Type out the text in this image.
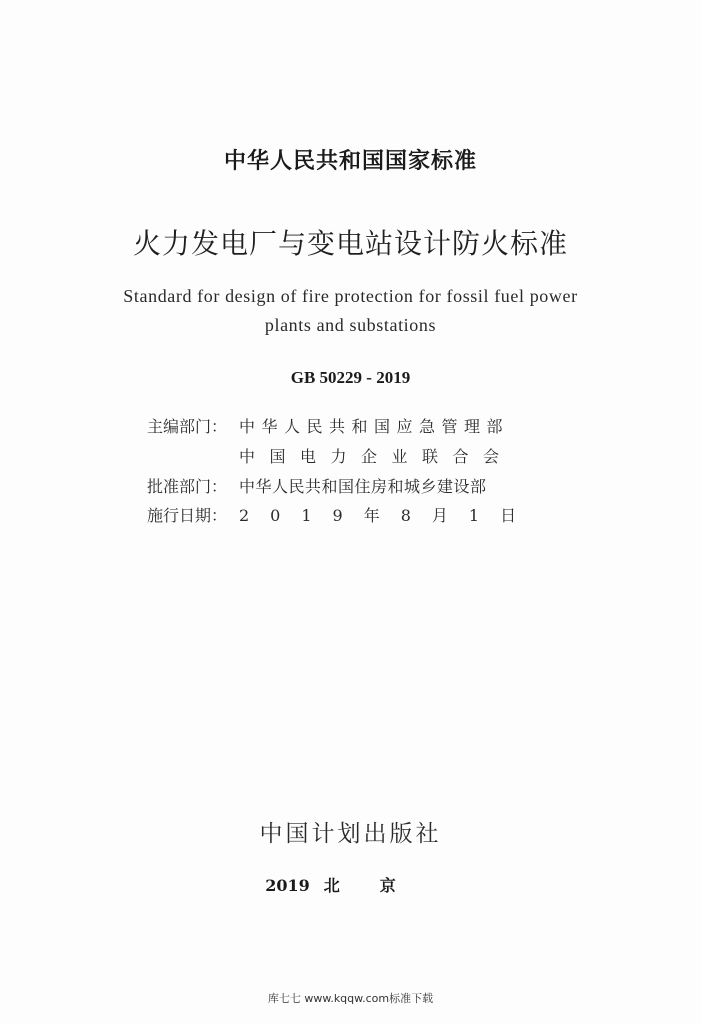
中华人民共和国国家标准
火力发电厂与变电站设计防火标准
Standard for design of fire protection for fossil fuel power
plants and substations
GB 50229 - 2019
主编部门： 中华人民共和国应急管理部
中国电力企业联合会
批准部门： 中华人民共和国住房和城乡建设部
施行日期： 2019年8月1日
中国计划出版社
2019 北京
库七七 www.kqqw.com标准下载
